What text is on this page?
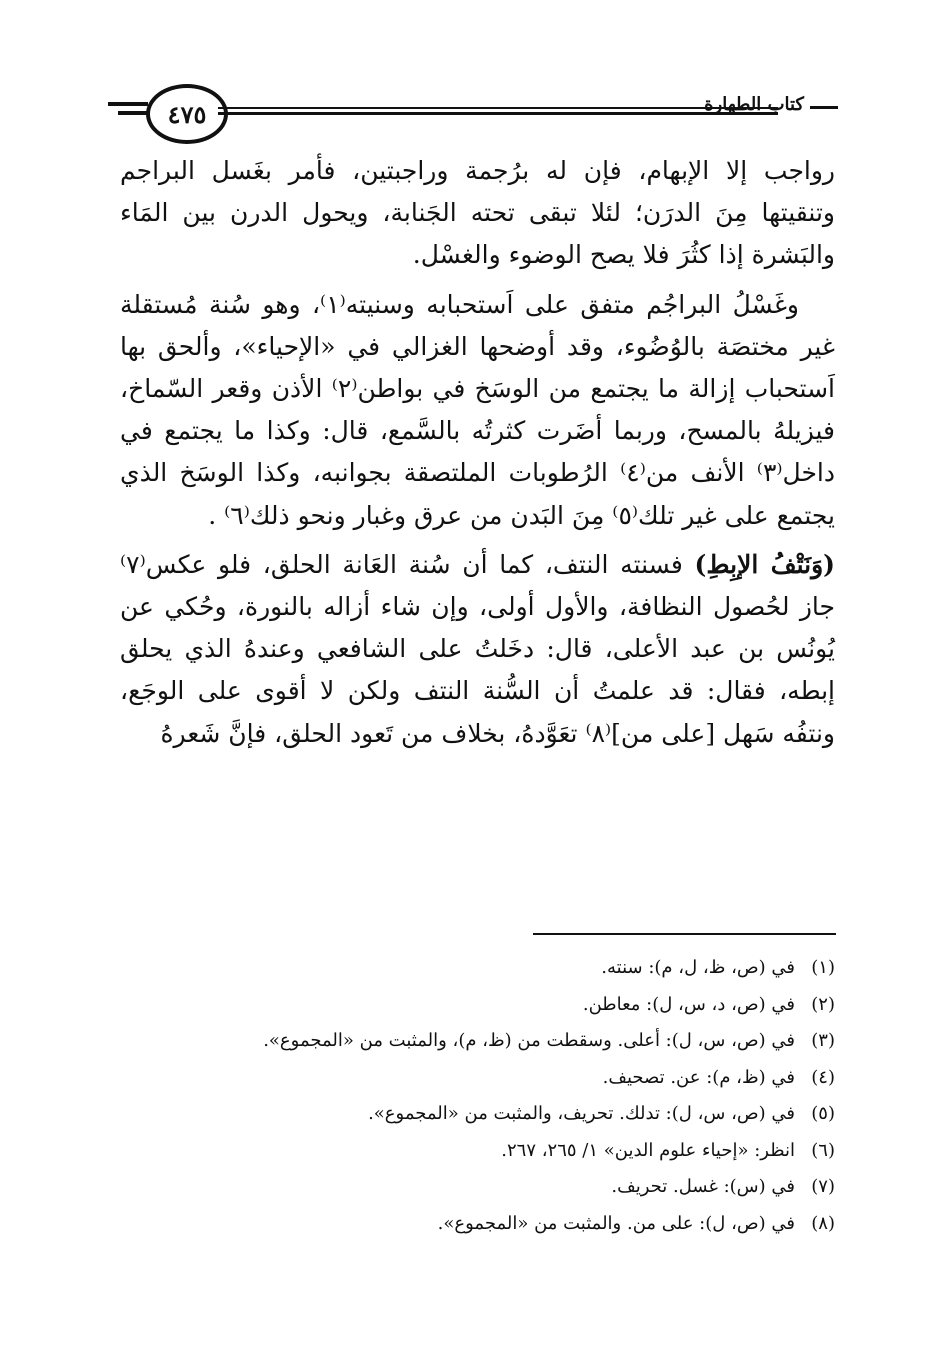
٤٧٥	كتاب الطهارة

رواجب إلا الإبهام، فإن له برُجمة وراجبتين، فأمر بغَسل البراجم وتنقيتها مِنَ الدرَن؛ لئلا تبقى تحته الجَنابة، ويحول الدرن بين المَاء والبَشرة إذا كثُرَ فلا يصح الوضوء والغسْل.

وغَسْلُ البراجُم متفق على اَستحبابه وسنيته⁽١⁾، وهو سُنة مُستقلة غير مختصَة بالوُضُوء، وقد أوضحها الغزالي في «الإحياء»، وألحق بها اَستحباب إزالة ما يجتمع من الوسَخ في بواطن⁽٢⁾ الأذن وقعر السّماخ، فيزيلهُ بالمسح، وربما أضَرت كثرتُه بالسَّمع، قال: وكذا ما يجتمع في داخل⁽٣⁾ الأنف من⁽٤⁾ الرُطوبات الملتصقة بجوانبه، وكذا الوسَخ الذي يجتمع على غير تلك⁽٥⁾ مِنَ البَدن من عرق وغبار ونحو ذلك⁽٦⁾ .

(وَنَتْفُ الإبِطِ) فسنته النتف، كما أن سُنة العَانة الحلق، فلو عكس⁽٧⁾ جاز لحُصول النظافة، والأول أولى، وإن شاء أزاله بالنورة، وحُكي عن يُونُس بن عبد الأعلى، قال: دخَلتُ على الشافعي وعندهُ الذي يحلق إبطه، فقال: قد علمتُ أن السُّنة النتف ولكن لا أقوى على الوجَع، ونتفُه سَهل [على من]⁽٨⁾ تعَوَّدهُ، بخلاف من تَعود الحلق، فإنَّ شَعرهُ

(١)في (ص، ظ، ل، م): سنته.

(٢)في (ص، د، س، ل): معاطن.

(٣)في (ص، س، ل): أعلى. وسقطت من (ظ، م)، والمثبت من «المجموع».

(٤)في (ظ، م): عن. تصحيف.

(٥)في (ص، س، ل): تدلك. تحريف، والمثبت من «المجموع».

(٦)انظر: «إحياء علوم الدين» ١/ ٢٦٥، ٢٦٧.

(٧)في (س): غسل. تحريف.

(٨)في (ص، ل): على من. والمثبت من «المجموع».
